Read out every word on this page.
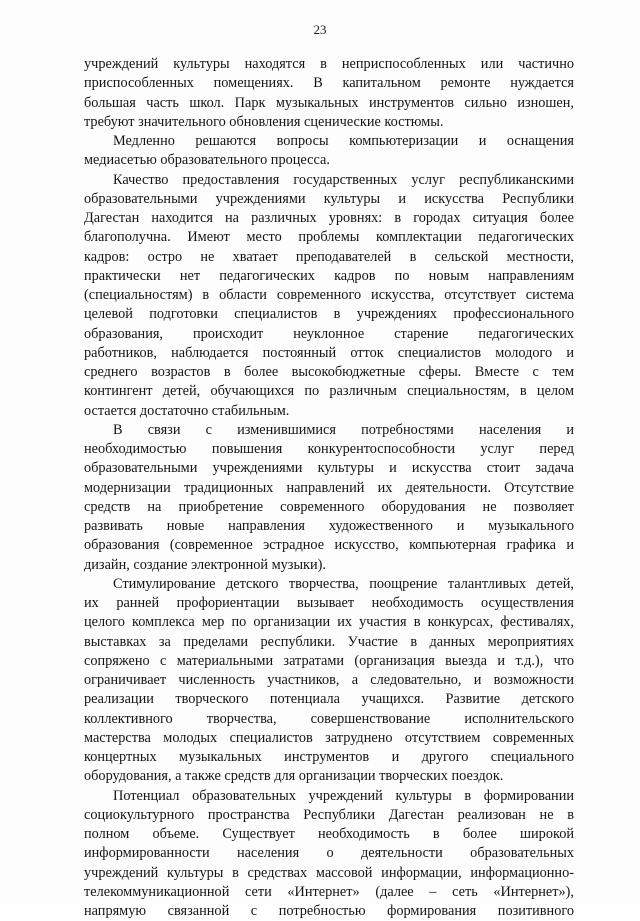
23
учреждений культуры находятся в неприспособленных или частично
приспособленных помещениях. В капитальном ремонте нуждается
большая часть школ. Парк музыкальных инструментов сильно изношен,
требуют значительного обновления сценические костюмы.
Медленно решаются вопросы компьютеризации и оснащения
медиасетью образовательного процесса.
Качество предоставления государственных услуг республиканскими
образовательными учреждениями культуры и искусства Республики
Дагестан находится на различных уровнях: в городах ситуация более
благополучна. Имеют место проблемы комплектации педагогических
кадров: остро не хватает преподавателей в сельской местности,
практически нет педагогических кадров по новым направлениям
(специальностям) в области современного искусства, отсутствует система
целевой подготовки специалистов в учреждениях профессионального
образования, происходит неуклонное старение педагогических
работников, наблюдается постоянный отток специалистов молодого и
среднего возрастов в более высокобюджетные сферы. Вместе с тем
контингент детей, обучающихся по различным специальностям, в целом
остается достаточно стабильным.
В связи с изменившимися потребностями населения и
необходимостью повышения конкурентоспособности услуг перед
образовательными учреждениями культуры и искусства стоит задача
модернизации традиционных направлений их деятельности. Отсутствие
средств на приобретение современного оборудования не позволяет
развивать новые направления художественного и музыкального
образования (современное эстрадное искусство, компьютерная графика и
дизайн, создание электронной музыки).
Стимулирование детского творчества, поощрение талантливых детей,
их ранней профориентации вызывает необходимость осуществления
целого комплекса мер по организации их участия в конкурсах, фестивалях,
выставках за пределами республики. Участие в данных мероприятиях
сопряжено с материальными затратами (организация выезда и т.д.), что
ограничивает численность участников, а следовательно, и возможности
реализации творческого потенциала учащихся. Развитие детского
коллективного творчества, совершенствование исполнительского
мастерства молодых специалистов затруднено отсутствием современных
концертных музыкальных инструментов и другого специального
оборудования, а также средств для организации творческих поездок.
Потенциал образовательных учреждений культуры в формировании
социокультурного пространства Республики Дагестан реализован не в
полном объеме. Существует необходимость в более широкой
информированности населения о деятельности образовательных
учреждений культуры в средствах массовой информации, информационно-
телекоммуникационной сети «Интернет» (далее – сеть «Интернет»),
напрямую связанной с потребностью формирования позитивного
